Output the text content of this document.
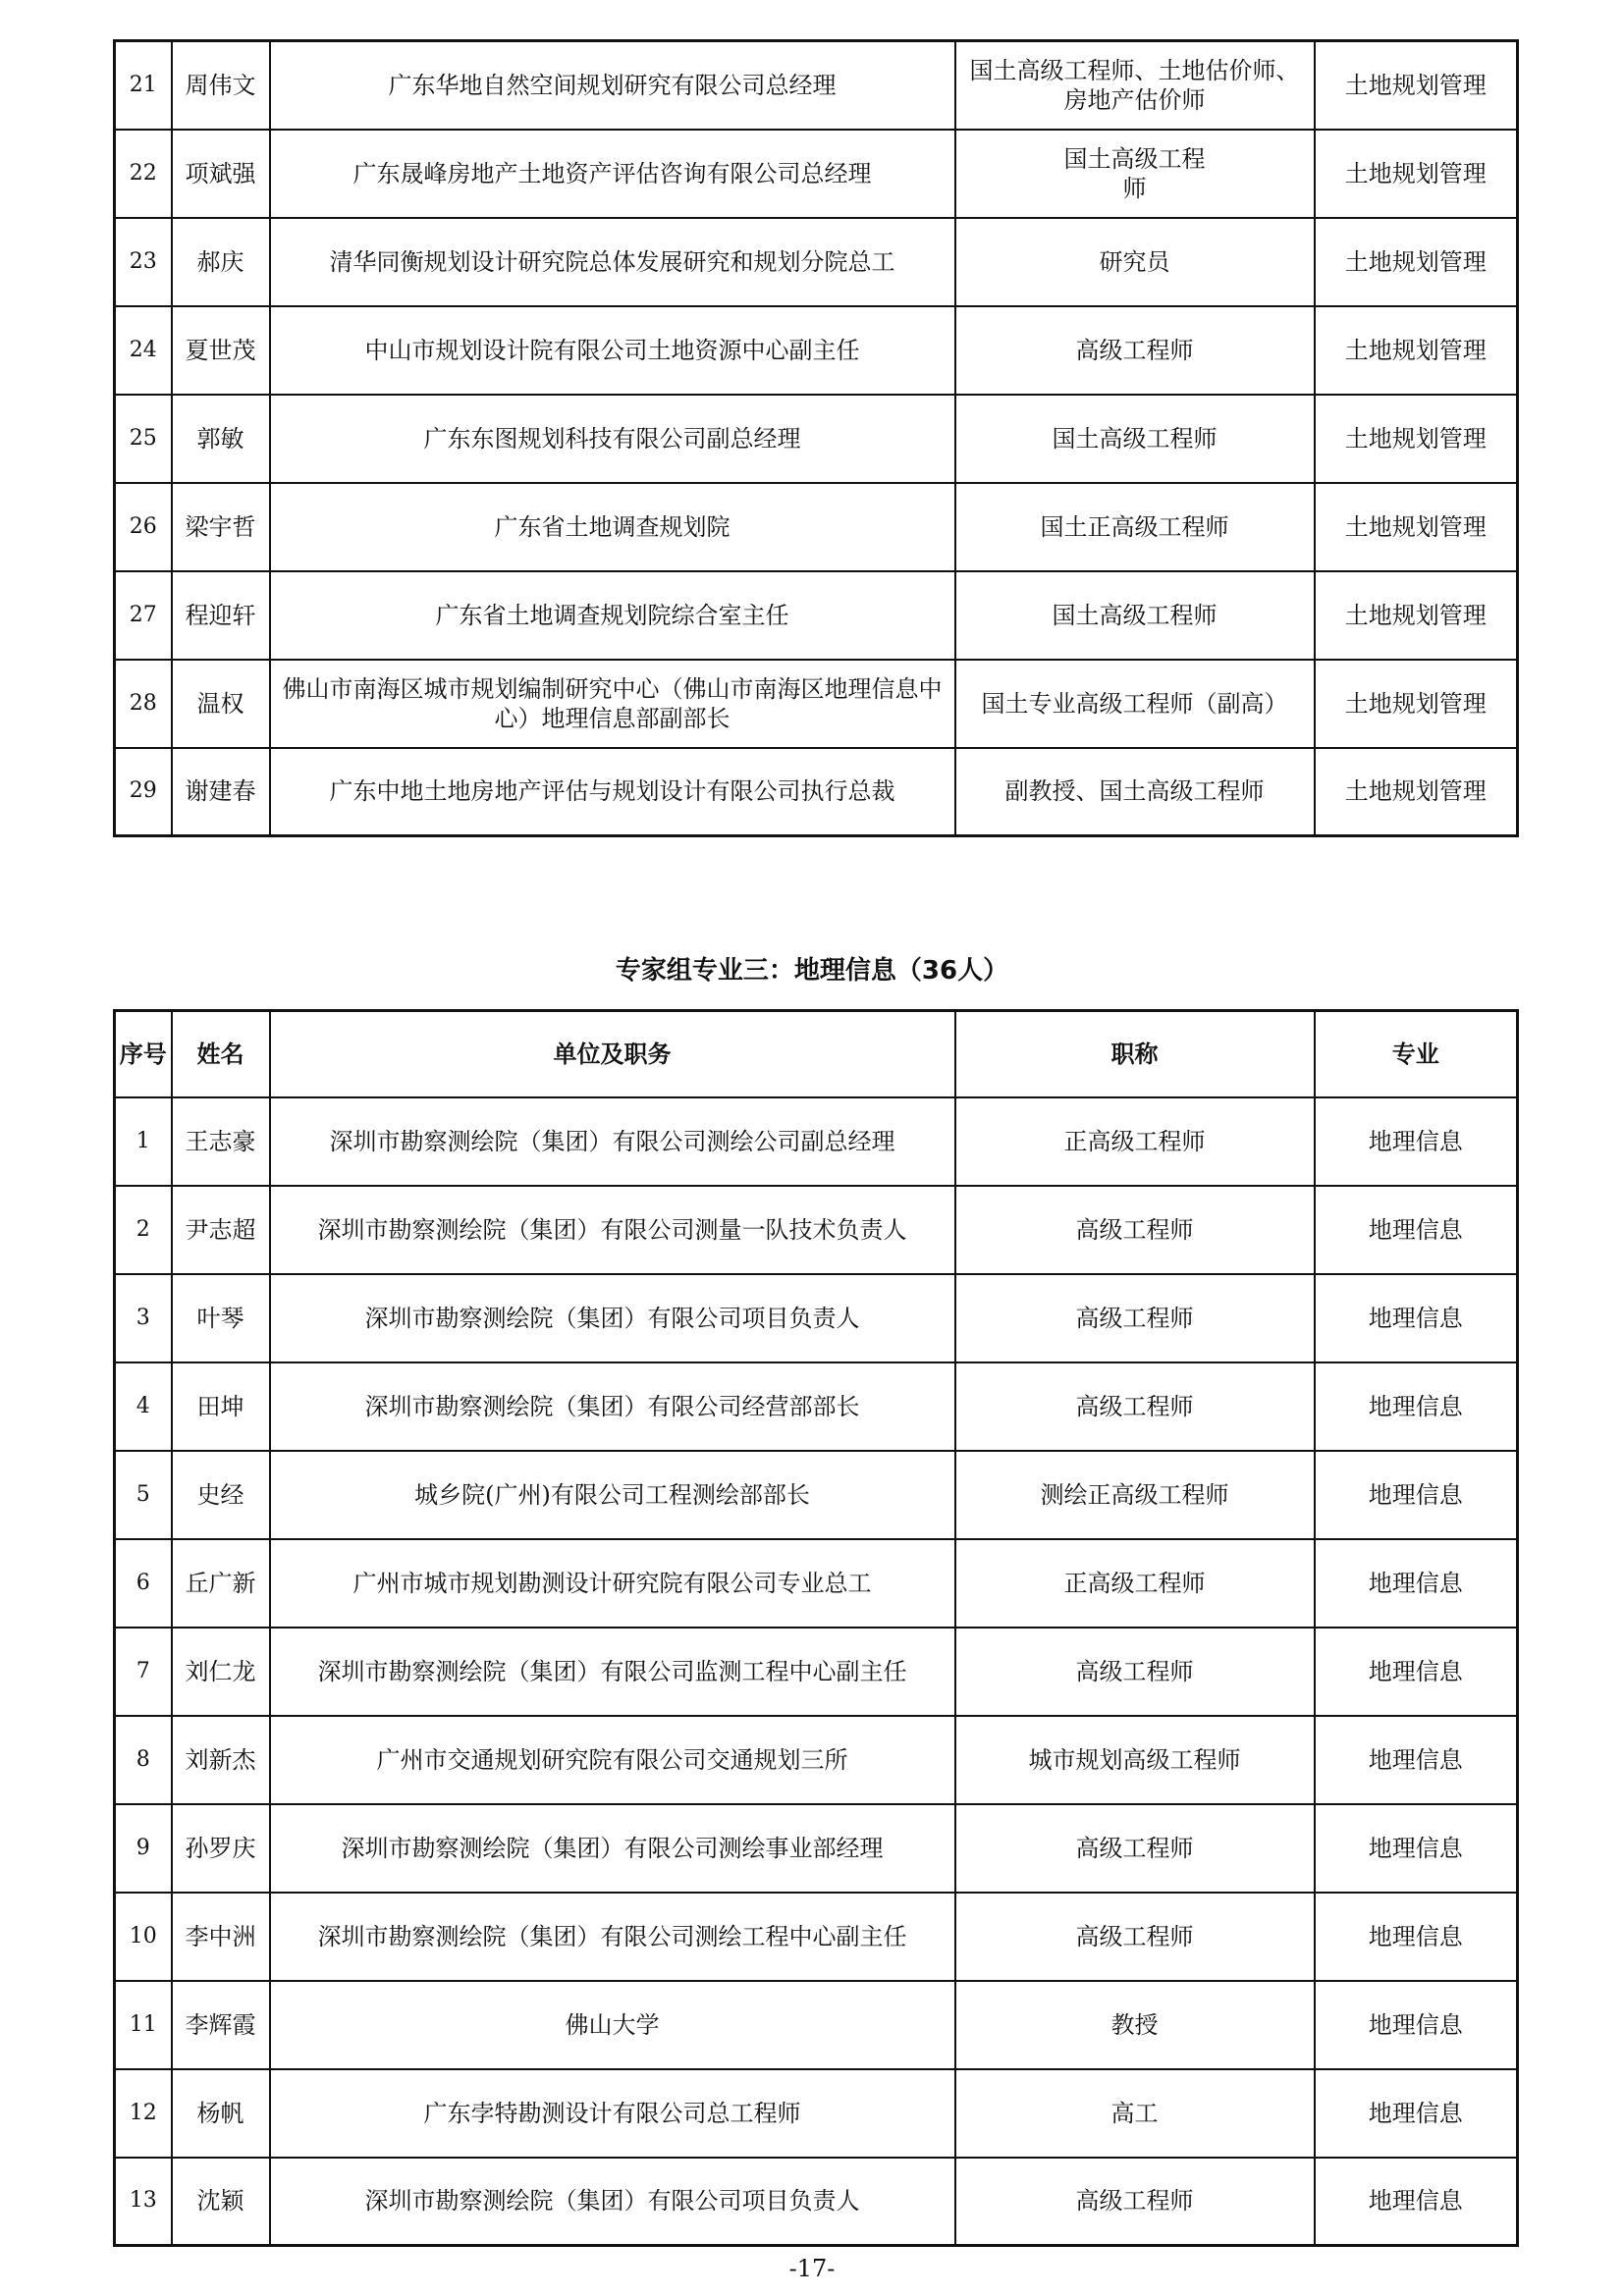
21	周伟文	广东华地自然空间规划研究有限公司总经理	国土高级工程师、土地估价师、房地产估价师	土地规划管理
22	项斌强	广东晟峰房地产土地资产评估咨询有限公司总经理	国土高级工程师	土地规划管理
23	郝庆	清华同衡规划设计研究院总体发展研究和规划分院总工	研究员	土地规划管理
24	夏世茂	中山市规划设计院有限公司土地资源中心副主任	高级工程师	土地规划管理
25	郭敏	广东东图规划科技有限公司副总经理	国土高级工程师	土地规划管理
26	梁宇哲	广东省土地调查规划院	国土正高级工程师	土地规划管理
27	程迎轩	广东省土地调查规划院综合室主任	国土高级工程师	土地规划管理
28	温权	佛山市南海区城市规划编制研究中心（佛山市南海区地理信息中心）地理信息部副部长	国土专业高级工程师（副高）	土地规划管理
29	谢建春	广东中地土地房地产评估与规划设计有限公司执行总裁	副教授、国土高级工程师	土地规划管理
专家组专业三：地理信息（36人）
序号	姓名	单位及职务	职称	专业
1	王志豪	深圳市勘察测绘院（集团）有限公司测绘公司副总经理	正高级工程师	地理信息
2	尹志超	深圳市勘察测绘院（集团）有限公司测量一队技术负责人	高级工程师	地理信息
3	叶琴	深圳市勘察测绘院（集团）有限公司项目负责人	高级工程师	地理信息
4	田坤	深圳市勘察测绘院（集团）有限公司经营部部长	高级工程师	地理信息
5	史经	城乡院(广州)有限公司工程测绘部部长	测绘正高级工程师	地理信息
6	丘广新	广州市城市规划勘测设计研究院有限公司专业总工	正高级工程师	地理信息
7	刘仁龙	深圳市勘察测绘院（集团）有限公司监测工程中心副主任	高级工程师	地理信息
8	刘新杰	广州市交通规划研究院有限公司交通规划三所	城市规划高级工程师	地理信息
9	孙罗庆	深圳市勘察测绘院（集团）有限公司测绘事业部经理	高级工程师	地理信息
10	李中洲	深圳市勘察测绘院（集团）有限公司测绘工程中心副主任	高级工程师	地理信息
11	李辉霞	佛山大学	教授	地理信息
12	杨帆	广东孛特勘测设计有限公司总工程师	高工	地理信息
13	沈颖	深圳市勘察测绘院（集团）有限公司项目负责人	高级工程师	地理信息
-17-
